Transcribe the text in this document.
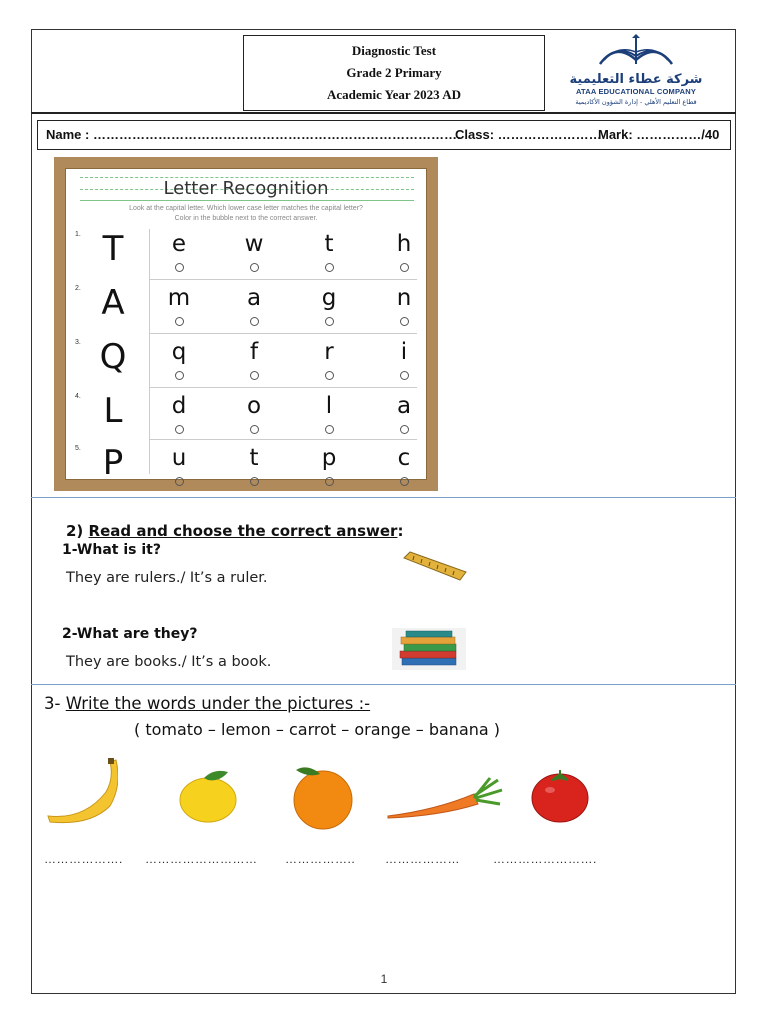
Diagnostic Test
Grade 2 Primary
Academic Year 2023 AD
شركة عطاء التعليمية
ATAA EDUCATIONAL COMPANY
قطاع التعليم الأهلي - إدارة الشؤون الأكاديمية
Name : ………………………………………………………………………….
Class: ……………………
Mark: ……………/40
Letter Recognition
Look at the capital letter. Which lower case letter matches the capital letter?
Color in the bubble next to the correct answer.
1. T	e	w	t	h
2. A	m	a	g	n
3. Q	q	f	r	i
4. L	d	o	l	a
5. P	u	t	p	c
2) Read and choose the correct answer:
1-What is it?
They are rulers./ It’s a ruler.
2-What are they?
They are books./ It’s a book.
3- Write the words under the pictures :-
( tomato – lemon – carrot – orange – banana )
………………. ……………………… …………….. ………………	…………………….
1
